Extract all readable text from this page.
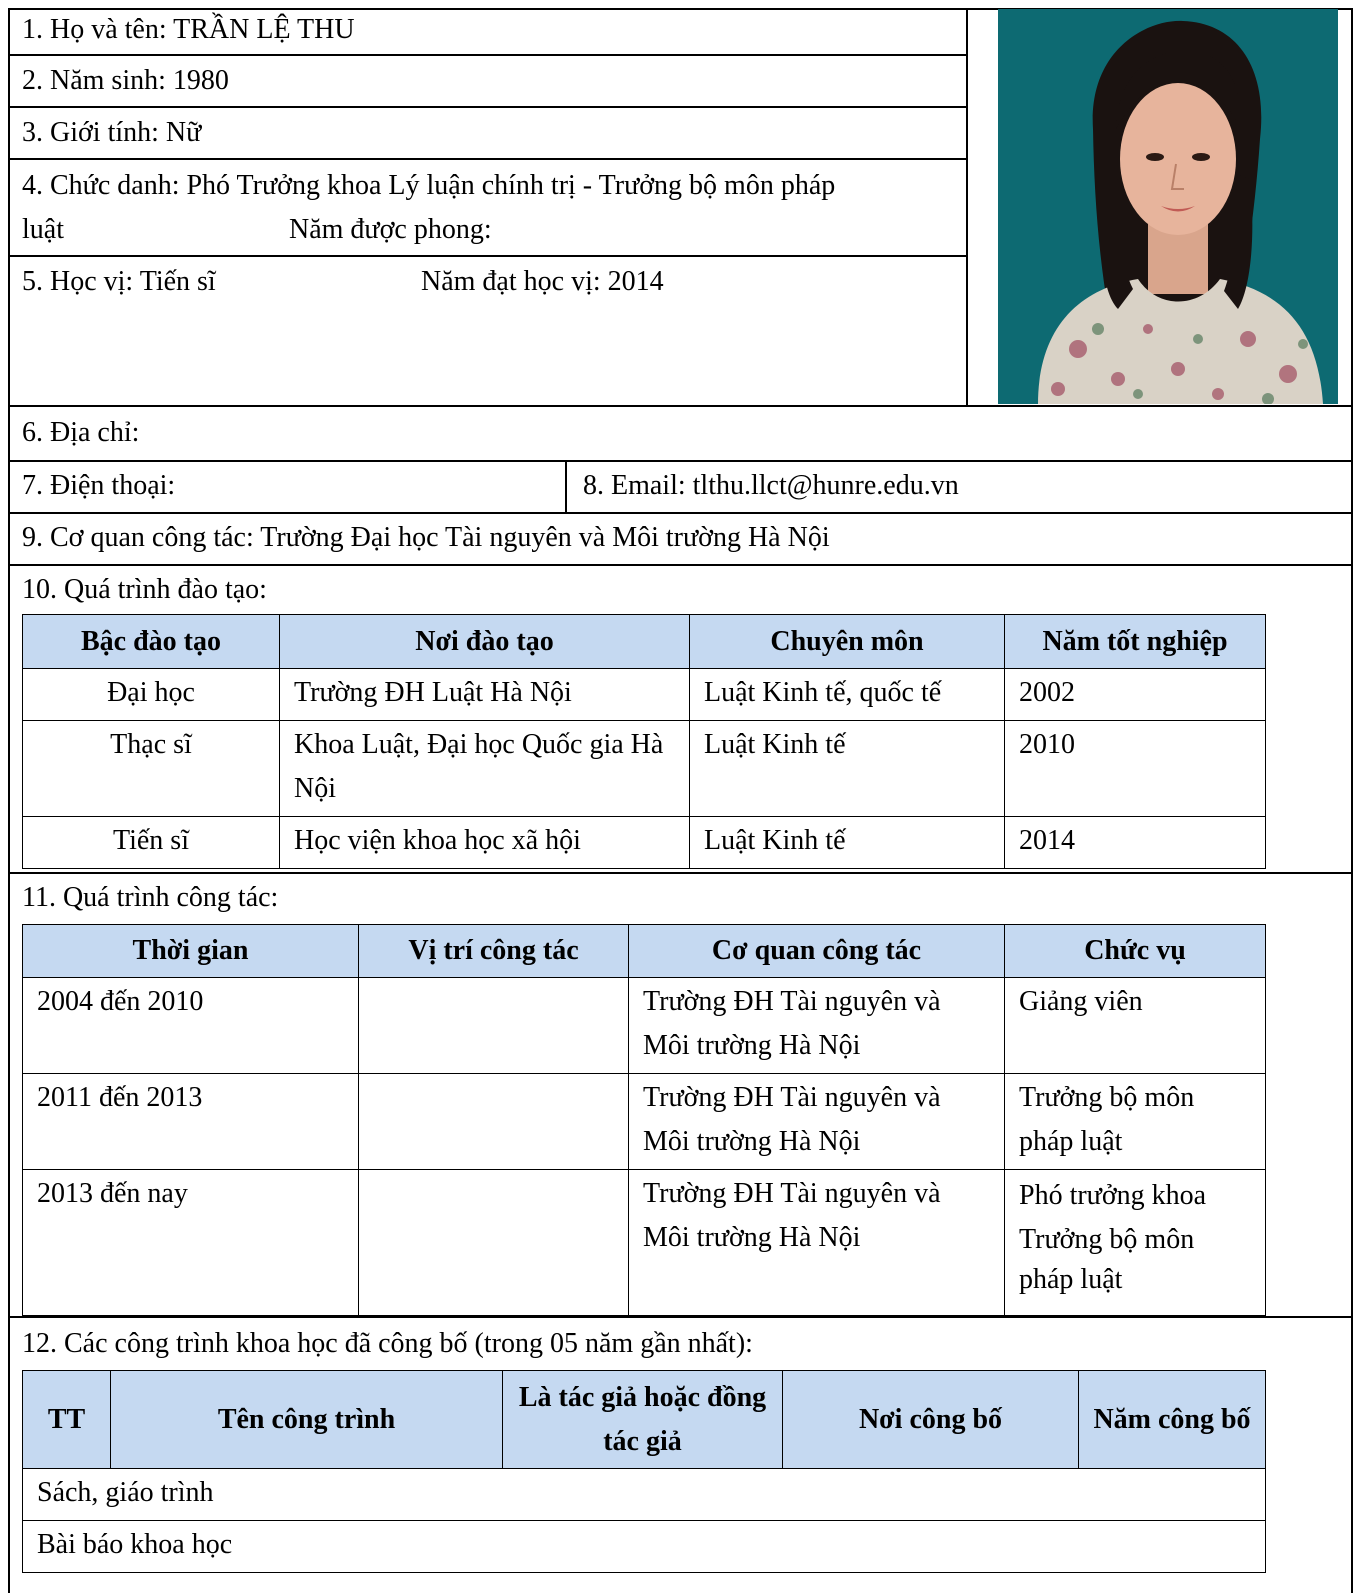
1. Họ và tên: TRẦN LỆ THU
2. Năm sinh: 1980
3. Giới tính: Nữ
4. Chức danh: Phó Trưởng khoa Lý luận chính trị - Trưởng bộ môn pháp
luật	Năm được phong:
5. Học vị: Tiến sĩ	Năm đạt học vị: 2014
6. Địa chỉ:
7. Điện thoại:	8. Email: tlthu.llct@hunre.edu.vn
9. Cơ quan công tác: Trường Đại học Tài nguyên và Môi trường Hà Nội
10. Quá trình đào tạo:
11. Quá trình công tác:
12. Các công trình khoa học đã công bố (trong 05 năm gần nhất):
Bậc đào tạo	Nơi đào tạo	Chuyên môn	Năm tốt nghiệp
Đại học	Trường ĐH Luật Hà Nội	Luật Kinh tế, quốc tế	2002
Thạc sĩ	Khoa Luật, Đại học Quốc gia Hà Nội	Luật Kinh tế	2010
Tiến sĩ	Học viện khoa học xã hội	Luật Kinh tế	2014
Thời gian	Vị trí công tác	Cơ quan công tác	Chức vụ
2004 đến 2010		Trường ĐH Tài nguyên và Môi trường Hà Nội	Giảng viên
2011 đến 2013		Trường ĐH Tài nguyên và Môi trường Hà Nội	Trưởng bộ môn pháp luật
2013 đến nay		Trường ĐH Tài nguyên và Môi trường Hà Nội	Phó trưởng khoa
Trưởng bộ môn pháp luật
TT	Tên công trình	Là tác giả hoặc đồng tác giả	Nơi công bố	Năm công bố
Sách, giáo trình
Bài báo khoa học
